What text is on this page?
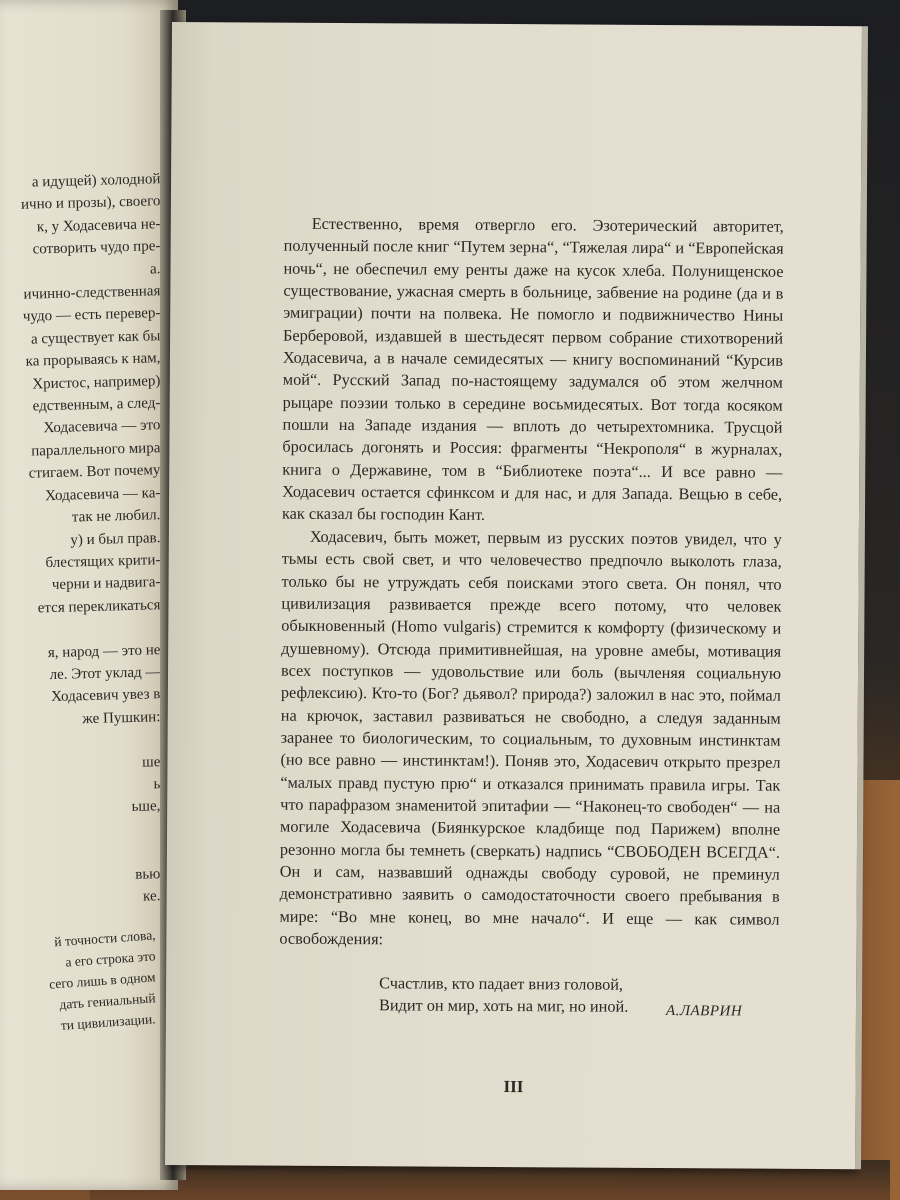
а идущей) холодной
ично и прозы), своего
к, у Ходасевича не-
сотворить чудо пре-
а.
ичинно-следственная
чудо — есть перевер-
а существует как бы
ка прорываясь к нам,
Христос, например)
едственным, а след-
Ходасевича — это
параллельного мира
стигаем. Вот почему
Ходасевича — ка-
так не любил.
у) и был прав.
блестящих крити-
черни и надвига-
ется перекликаться

я, народ — это не
ле. Этот уклад —
Ходасевич увез в
же Пушкин:

ше
ь
ьше,

вью
ке.
й точности слова,
а его строка это
сего лишь в одном
дать гениальный
ти цивилизации.

Естественно, время отвергло его. Эзотерический авторитет, полученный после книг “Путем зерна“, “Тяжелая лира“ и “Европейская ночь“, не обеспечил ему ренты даже на кусок хлеба. Полунищенское существование, ужасная смерть в больнице, забвение на родине (да и в эмиграции) почти на полвека. Не помогло и подвижничество Нины Берберовой, издавшей в шестьдесят первом собрание стихотворений Ходасевича, а в начале семидесятых — книгу воспоминаний “Курсив мой“. Русский Запад по-настоящему задумался об этом желчном рыцаре поэзии только в середине восьмидесятых. Вот тогда косяком пошли на Западе издания — вплоть до четырехтомника. Трусцой бросилась догонять и Россия: фрагменты “Некрополя“ в журналах, книга о Державине, том в “Библиотеке поэта“... И все равно — Ходасевич остается сфинксом и для нас, и для Запада. Вещью в себе, как сказал бы господин Кант.

Ходасевич, быть может, первым из русских поэтов увидел, что у тьмы есть свой свет, и что человечество предпочло выколоть глаза, только бы не утруждать себя поисками этого света. Он понял, что цивилизация развивается прежде всего потому, что человек обыкновенный (Homo vulgaris) стремится к комфорту (физическому и душевному). Отсюда примитивнейшая, на уровне амебы, мотивация всех поступков — удовольствие или боль (вычленяя социальную рефлексию). Кто-то (Бог? дьявол? природа?) заложил в нас это, поймал на крючок, заставил развиваться не свободно, а следуя заданным заранее то биологическим, то социальным, то духовным инстинктам (но все равно — инстинктам!). Поняв это, Ходасевич открыто презрел “малых правд пустую прю“ и отказался принимать правила игры. Так что парафразом знаменитой эпитафии — “Наконец-то свободен“ — на могиле Ходасевича (Биянкурское кладбище под Парижем) вполне резонно могла бы темнеть (сверкать) надпись “СВОБОДЕН ВСЕГДА“. Он и сам, назвавший однажды свободу суровой, не преминул демонстративно заявить о самодостаточности своего пребывания в мире: “Во мне конец, во мне начало“. И еще — как символ освобождения:

Счастлив, кто падает вниз головой,
Видит он мир, хоть на миг, но иной.	А.ЛАВРИН
III
